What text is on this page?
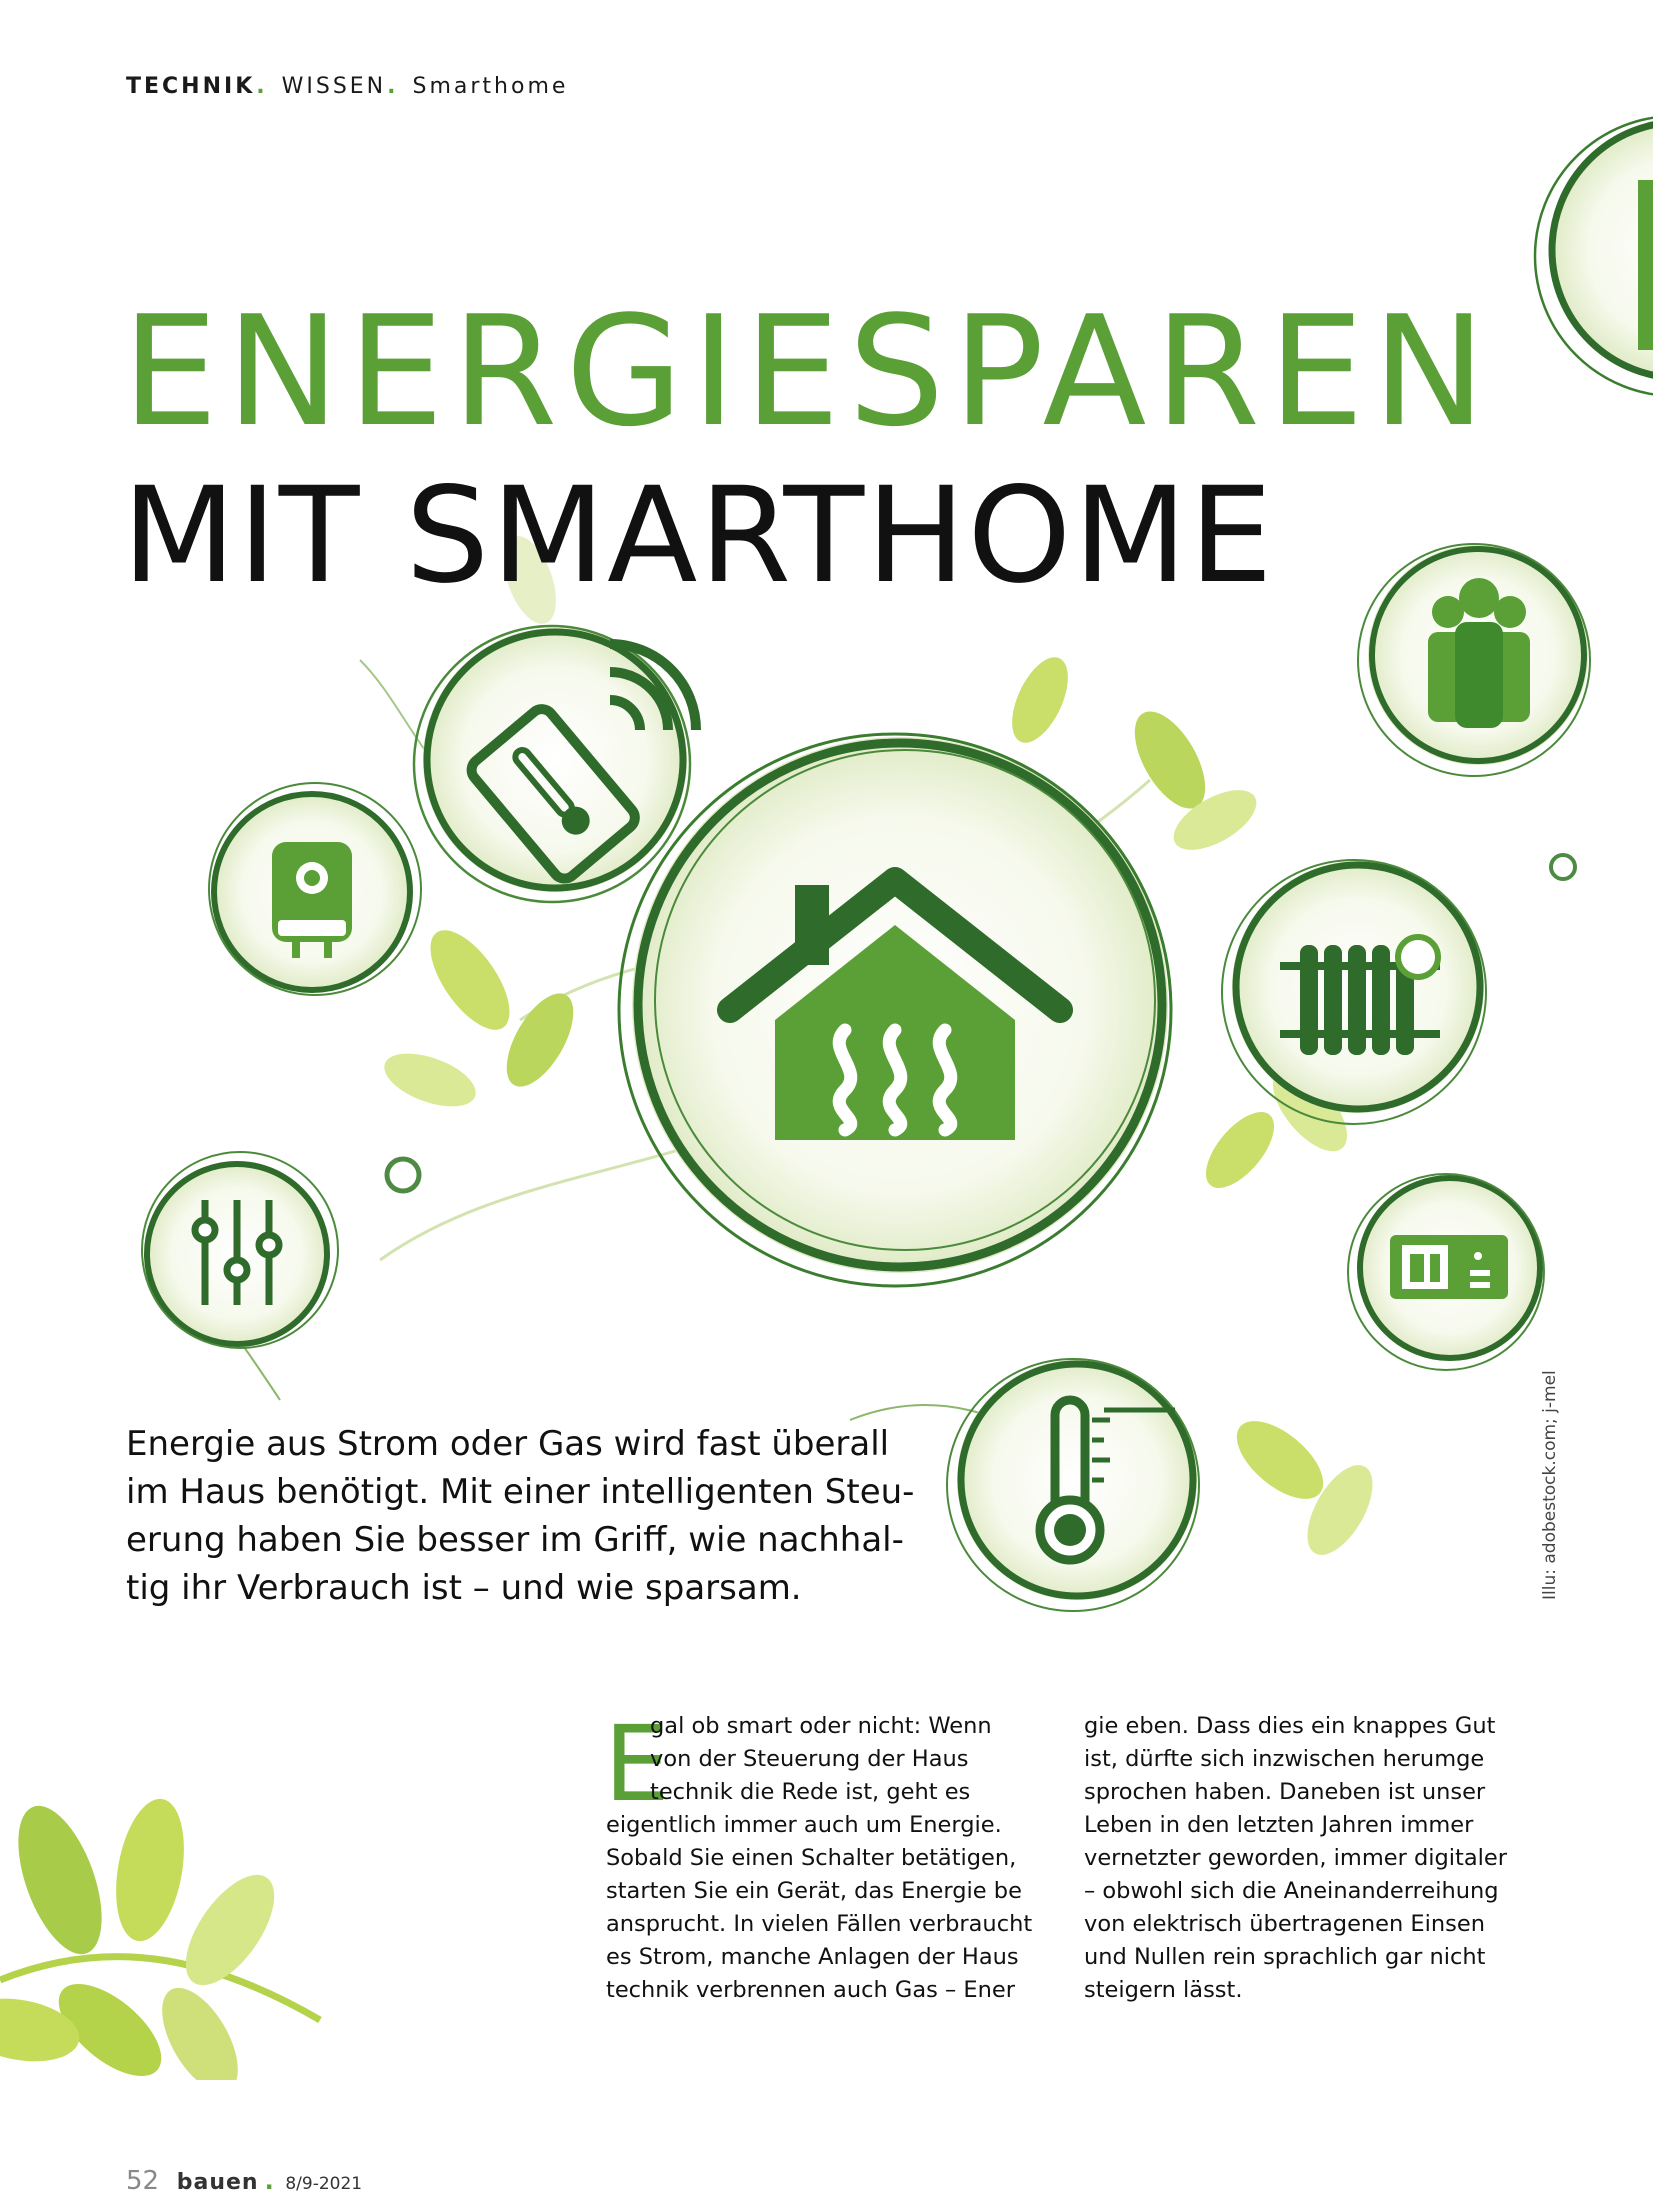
TECHNIK. WISSEN. Smarthome
ENERGIESPAREN
MIT SMARTHOME
Energie aus Strom oder Gas wird fast überall
im Haus benötigt. Mit einer intelligenten Steu-
erung haben Sie besser im Griff, wie nachhal-
tig ihr Verbrauch ist – und wie sparsam.	Illu: adobestock.com; j-mel
E
gal ob smart oder nicht: Wenn
von der Steuerung der Haus
technik die Rede ist, geht es
eigentlich immer auch um Energie.
Sobald Sie einen Schalter betätigen,
starten Sie ein Gerät, das Energie be
ansprucht. In vielen Fällen verbraucht
es Strom, manche Anlagen der Haus
technik verbrennen auch Gas – Ener
gie eben. Dass dies ein knappes Gut
ist, dürfte sich inzwischen herumge
sprochen haben. Daneben ist unser
Leben in den letzten Jahren immer
vernetzter geworden, immer digitaler
– obwohl sich die Aneinanderreihung
von elektrisch übertragenen Einsen
und Nullen rein sprachlich gar nicht
steigern lässt.
52 bauen . 8/9-2021
